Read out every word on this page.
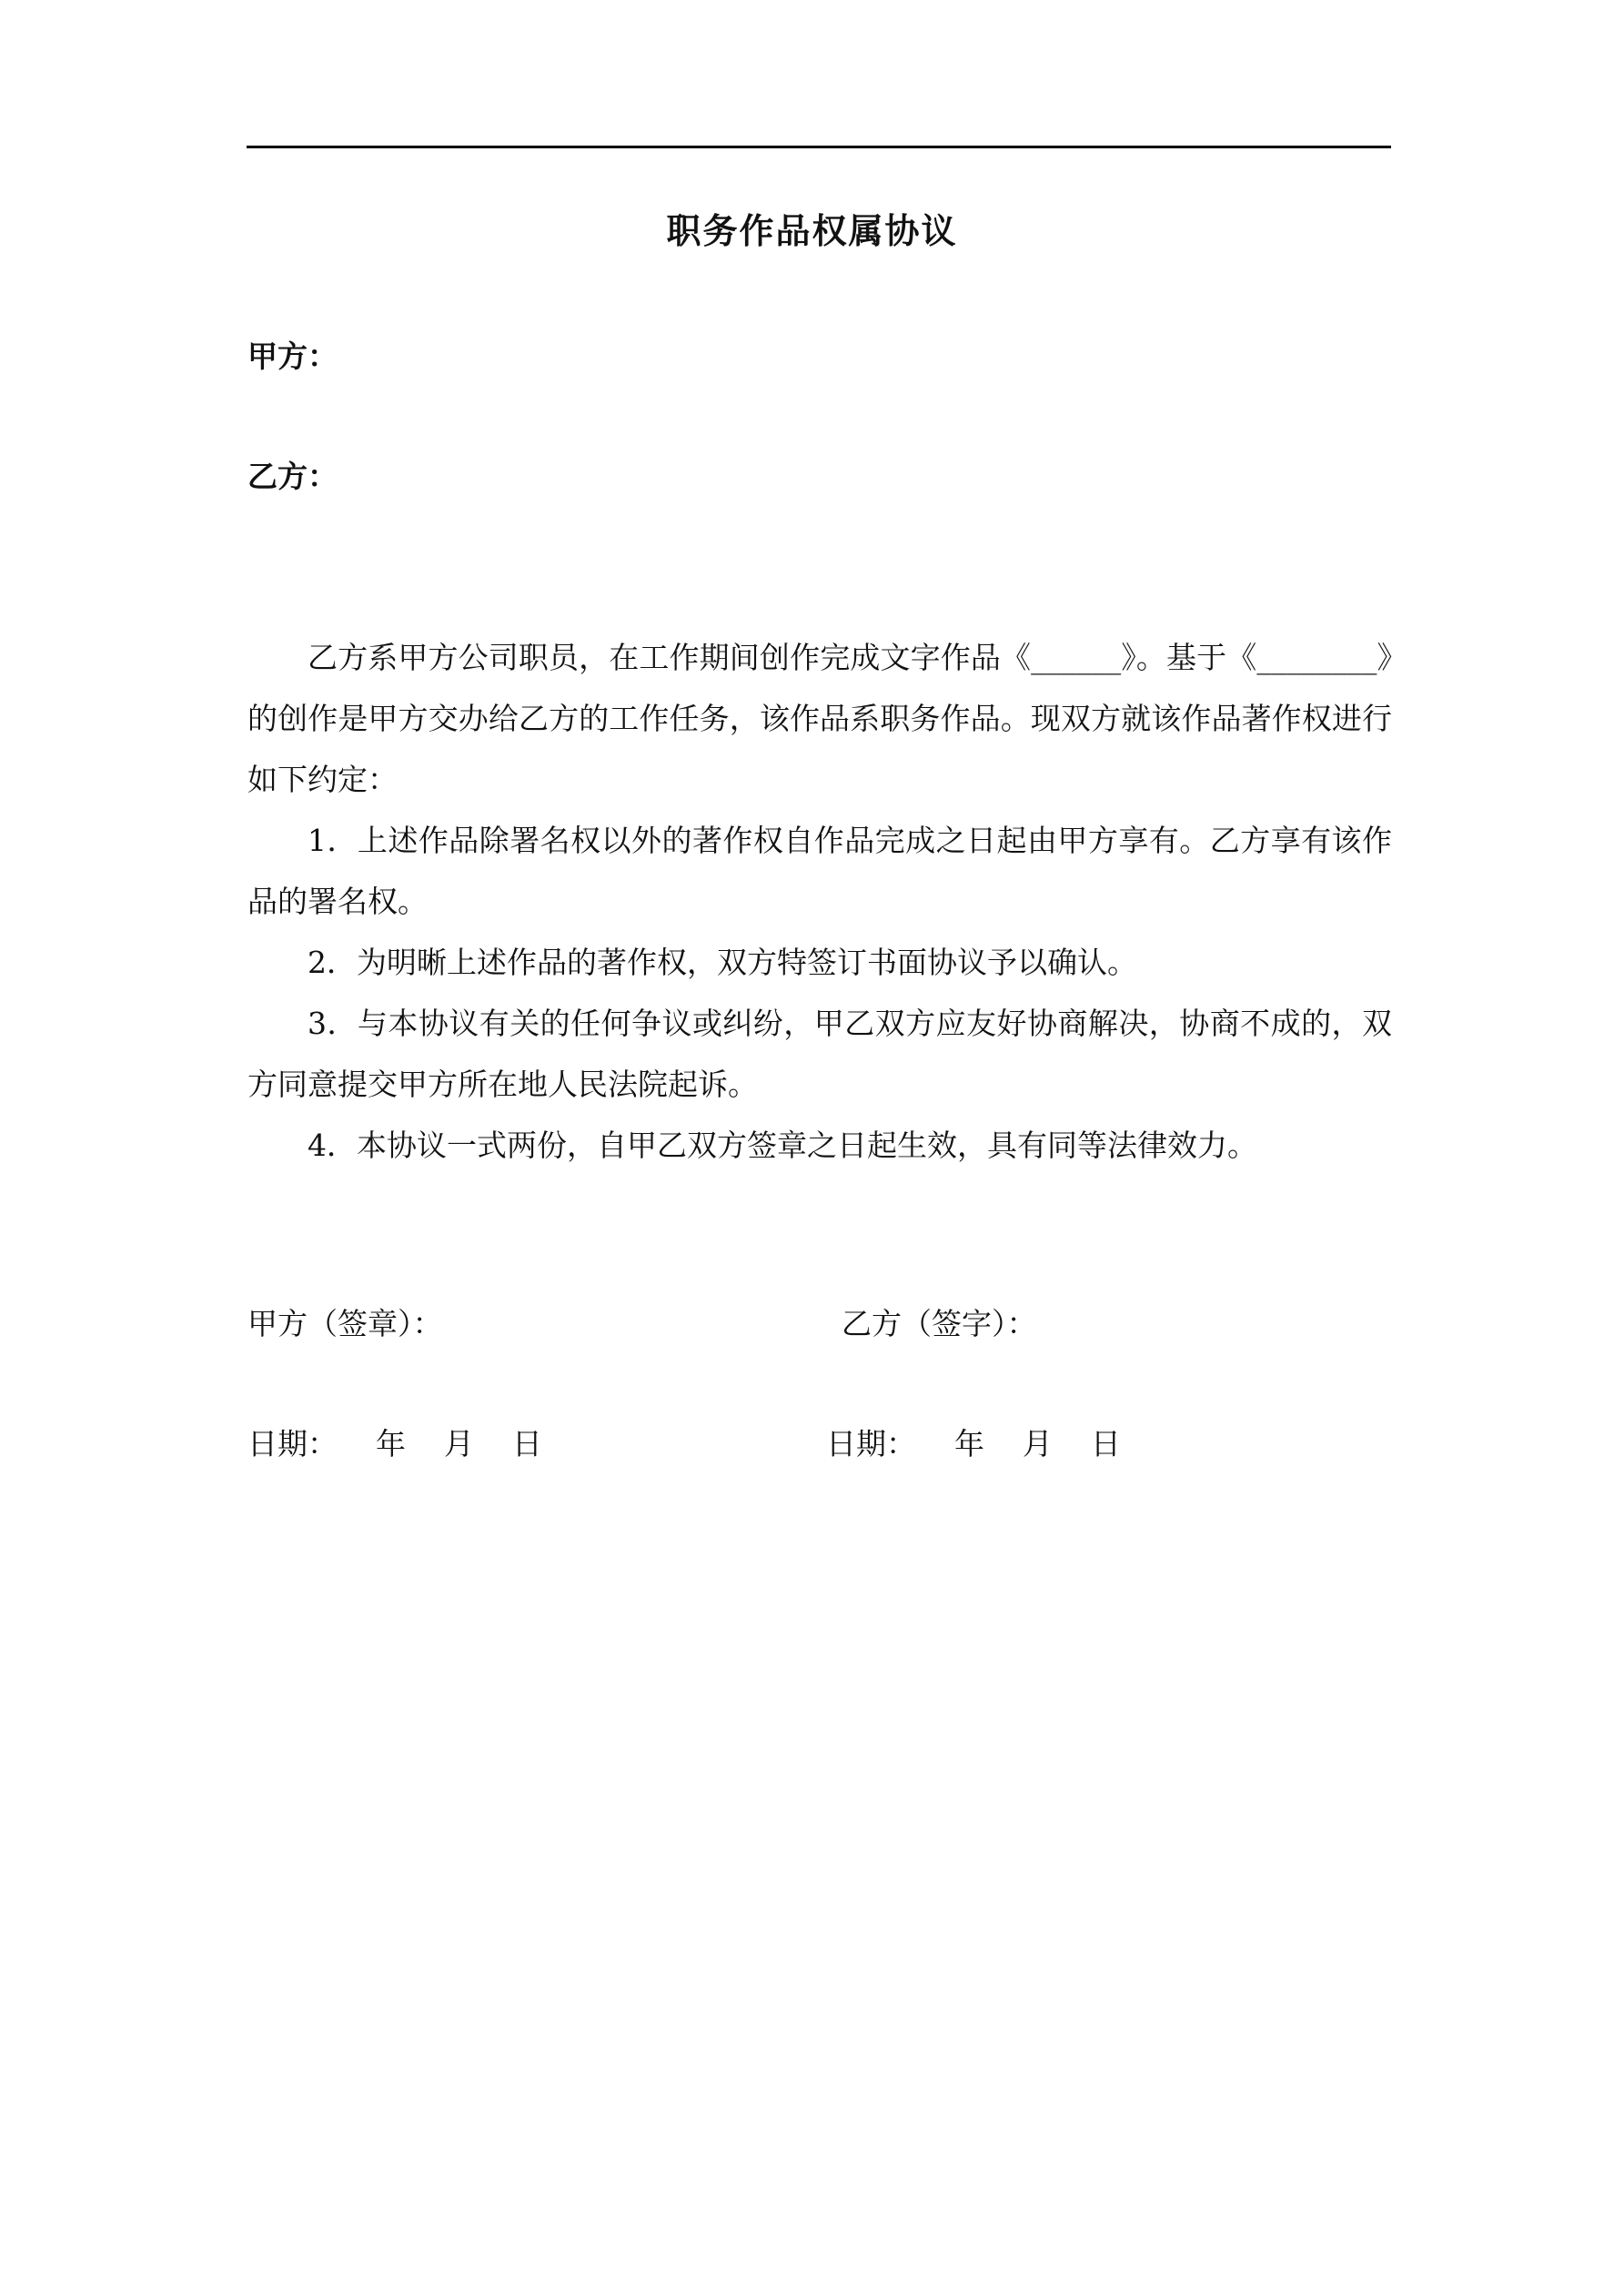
职务作品权属协议
甲方：
乙方：

乙方系甲方公司职员，在工作期间创作完成文字作品《______》。基于《________》的创作是甲方交办给乙方的工作任务，该作品系职务作品。现双方就该作品著作权进行如下约定：

1．上述作品除署名权以外的著作权自作品完成之日起由甲方享有。乙方享有该作品的署名权。

2．为明晰上述作品的著作权，双方特签订书面协议予以确认。

3．与本协议有关的任何争议或纠纷，甲乙双方应友好协商解决，协商不成的，双方同意提交甲方所在地人民法院起诉。

4．本协议一式两份，自甲乙双方签章之日起生效，具有同等法律效力。

甲方（签章）：	乙方（签字）：
日期：    年    月    日	日期：    年    月    日
